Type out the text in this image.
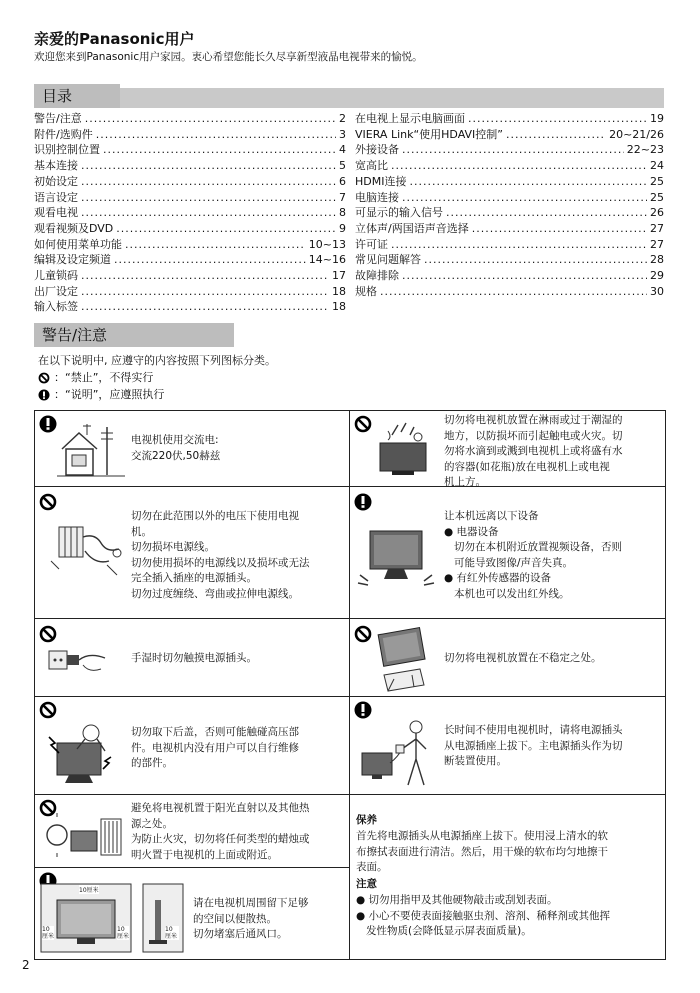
亲爱的Panasonic用户
欢迎您来到Panasonic用户家园。衷心希望您能长久尽享新型液晶电视带来的愉悦。
目录
警告/注意 .....	2
附件/选购件 .....	3
识别控制位置 .....	4
基本连接 .....	5
初始设定 .....	6
语言设定 .....	7
观看电视 .....	8
观看视频及DVD .....	9
如何使用菜单功能 .....	10~13
编辑及设定频道 .....	14~16
儿童锁码 .....	17
出厂设定 .....	18
输入标签 .....	18
在电视上显示电脑画面 .....	19
VIERA Link“使用HDAVI控制” .....	20~21/26
外接设备 .....	22~23
宽高比 .....	24
HDMI连接 .....	25
电脑连接 .....	25
可显示的输入信号 .....	26
立体声/两国语声音选择 .....	27
许可证 .....	27
常见问题解答 .....	28
故障排除 .....	29
规格 .....	30
警告/注意
在以下说明中, 应遵守的内容按照下列图标分类。
：“禁止”，不得实行
：“说明”，应遵照执行
电视机使用交流电:
交流220伏,50赫兹
切勿将电视机放置在淋雨或过于潮湿的
地方，以防损坏而引起触电或火灾。切
勿将水滴到或溅到电视机上或将盛有水
的容器(如花瓶)放在电视机上或电视
机上方。
切勿在此范围以外的电压下使用电视
机。
切勿损坏电源线。
切勿使用损坏的电源线以及损坏或无法
完全插入插座的电源插头。
切勿过度缠绕、弯曲或拉伸电源线。
让本机远离以下设备
● 电器设备
切勿在本机附近放置视频设备，否则
可能导致图像/声音失真。
● 有红外传感器的设备
本机也可以发出红外线。
手湿时切勿触摸电源插头。	切勿将电视机放置在不稳定之处。
切勿取下后盖，否则可能触碰高压部
件。电视机内没有用户可以自行维修
的部件。
长时间不使用电视机时，请将电源插头
从电源插座上拔下。主电源插头作为切
断装置使用。
避免将电视机置于阳光直射以及其他热
源之处。
为防止火灾，切勿将任何类型的蜡烛或
明火置于电视机的上面或附近。
保养
首先将电源插头从电源插座上拔下。使用浸上清水的软
布擦拭表面进行清洁。然后，用干燥的软布均匀地擦干
表面。
注意
● 切勿用指甲及其他硬物敲击或刮划表面。
● 小心不要使表面接触驱虫剂、溶剂、稀释剂或其他挥
发性物质(会降低显示屏表面质量)。
10厘米
10 厘米
10 厘米
10 厘米
请在电视机周围留下足够
的空间以便散热。
切勿堵塞后通风口。
2
